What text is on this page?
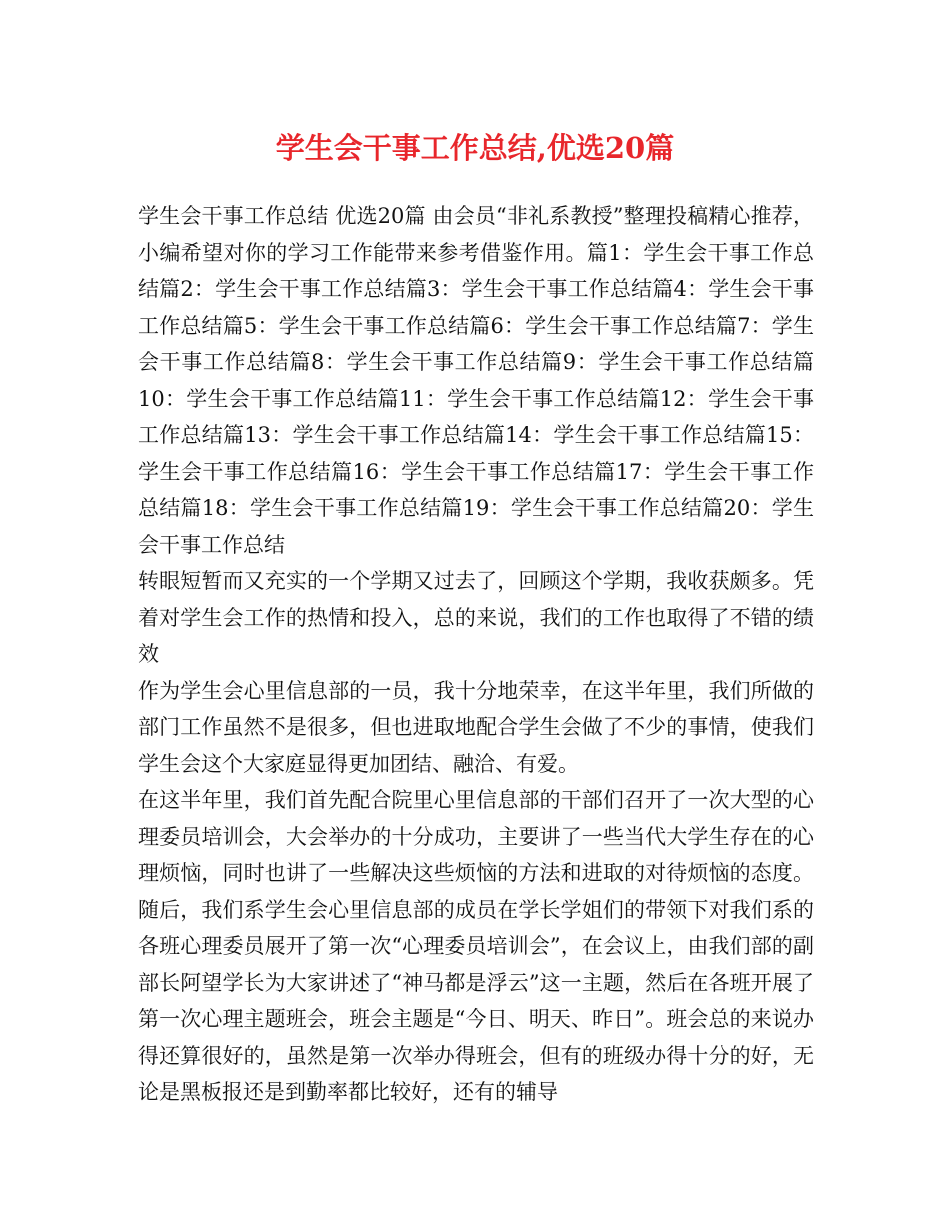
学生会干事工作总结,优选20篇

学生会干事工作总结 优选20篇 由会员“非礼系教授”整理投稿精心推荐，小编希望对你的学习工作能带来参考借鉴作用。篇1：学生会干事工作总结篇2：学生会干事工作总结篇3：学生会干事工作总结篇4：学生会干事工作总结篇5：学生会干事工作总结篇6：学生会干事工作总结篇7：学生会干事工作总结篇8：学生会干事工作总结篇9：学生会干事工作总结篇10：学生会干事工作总结篇11：学生会干事工作总结篇12：学生会干事工作总结篇13：学生会干事工作总结篇14：学生会干事工作总结篇15：学生会干事工作总结篇16：学生会干事工作总结篇17：学生会干事工作总结篇18：学生会干事工作总结篇19：学生会干事工作总结篇20：学生会干事工作总结

转眼短暂而又充实的一个学期又过去了，回顾这个学期，我收获颇多。凭着对学生会工作的热情和投入，总的来说，我们的工作也取得了不错的绩效

作为学生会心里信息部的一员，我十分地荣幸，在这半年里，我们所做的部门工作虽然不是很多，但也进取地配合学生会做了不少的事情，使我们学生会这个大家庭显得更加团结、融洽、有爱。

在这半年里，我们首先配合院里心里信息部的干部们召开了一次大型的心理委员培训会，大会举办的十分成功，主要讲了一些当代大学生存在的心理烦恼，同时也讲了一些解决这些烦恼的方法和进取的对待烦恼的态度。随后，我们系学生会心里信息部的成员在学长学姐们的带领下对我们系的各班心理委员展开了第一次“心理委员培训会”，在会议上，由我们部的副部长阿望学长为大家讲述了“神马都是浮云”这一主题，然后在各班开展了第一次心理主题班会，班会主题是“今日、明天、昨日”。班会总的来说办得还算很好的，虽然是第一次举办得班会，但有的班级办得十分的好，无论是黑板报还是到勤率都比较好，还有的辅导
